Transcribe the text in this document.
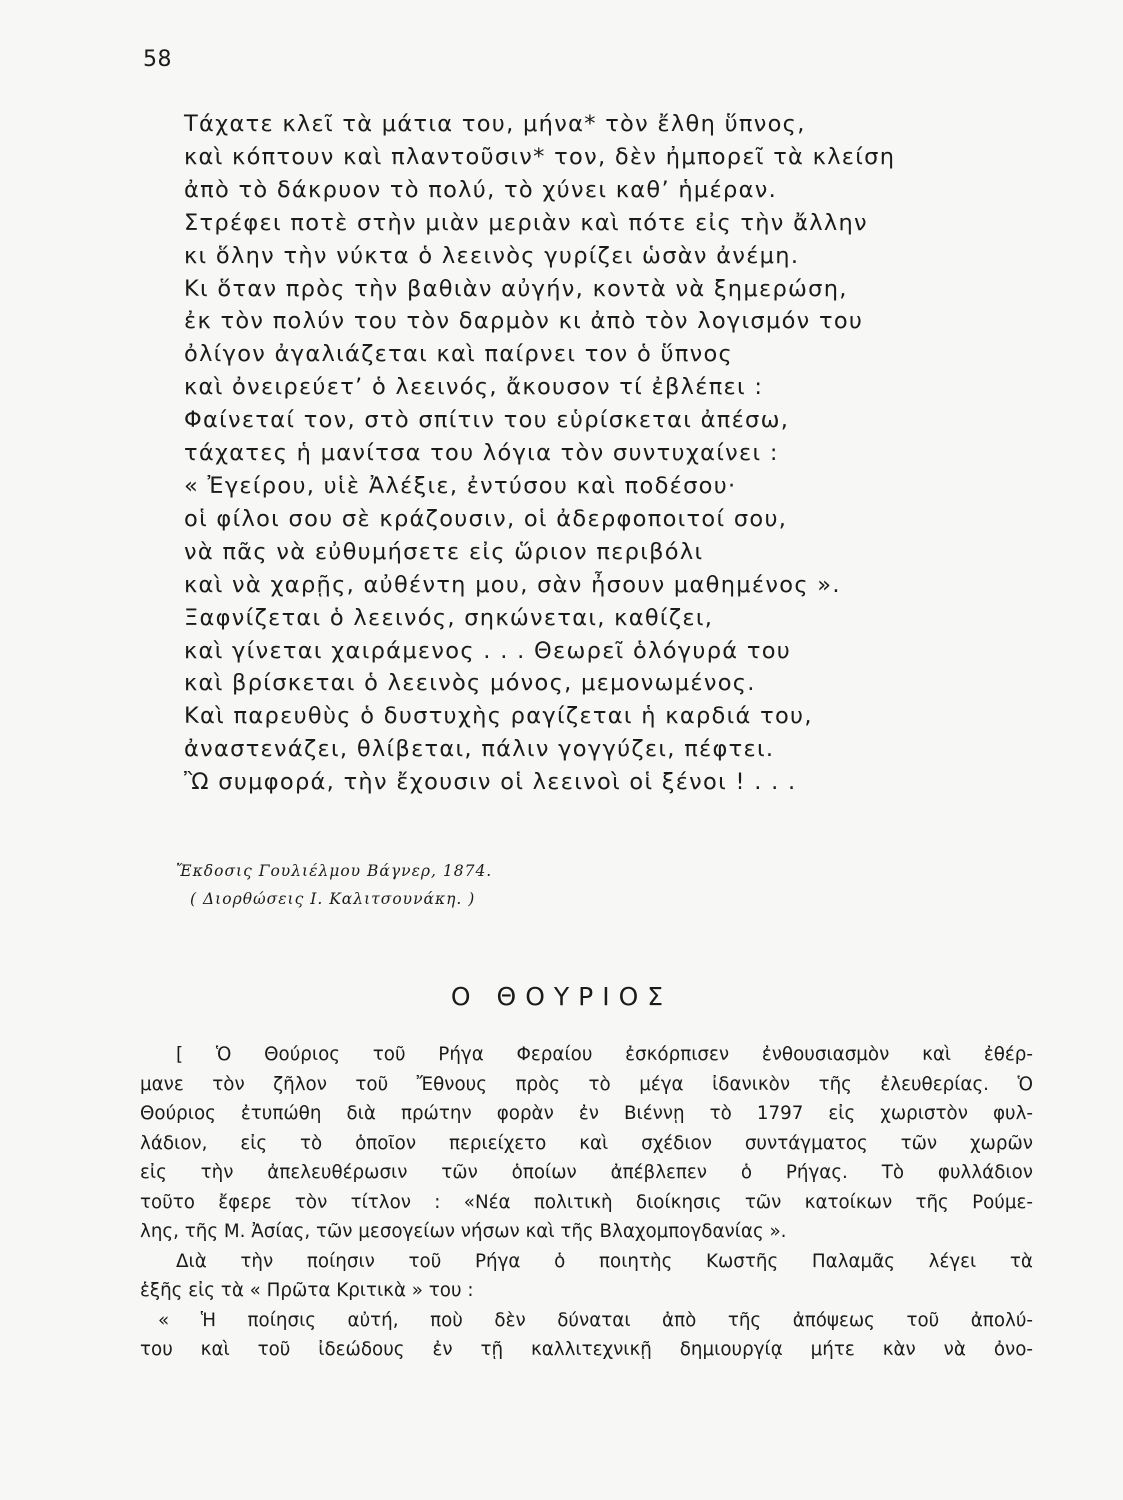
58
Τάχατε κλεῖ τὰ μάτια του, μήνα* τὸν ἔλθη ὕπνος,
καὶ κόπτουν καὶ πλαντοῦσιν* τον, δὲν ἠμπορεῖ τὰ κλείση
ἀπὸ τὸ δάκρυον τὸ πολύ, τὸ χύνει καθ’ ἡμέραν.
Στρέφει ποτὲ στὴν μιὰν μεριὰν καὶ πότε εἰς τὴν ἄλλην
κι ὅλην τὴν νύκτα ὁ λεεινὸς γυρίζει ὡσὰν ἀνέμη.
Κι ὅταν πρὸς τὴν βαθιὰν αὐγήν, κοντὰ νὰ ξημερώση,
ἐκ τὸν πολύν του τὸν δαρμὸν κι ἀπὸ τὸν λογισμόν του
ὀλίγον ἀγαλιάζεται καὶ παίρνει τον ὁ ὕπνος
καὶ ὀνειρεύετ’ ὁ λεεινός, ἄκουσον τί ἐβλέπει :
Φαίνεταί τον, στὸ σπίτιν του εὑρίσκεται ἀπέσω,
τάχατες ἡ μανίτσα του λόγια τὸν συντυχαίνει :
« Ἐγείρου, υἱὲ Ἀλέξιε, ἐντύσου καὶ ποδέσου·
οἱ φίλοι σου σὲ κράζουσιν, οἱ ἀδερφοποιτοί σου,
νὰ πᾶς νὰ εὐθυμήσετε εἰς ὥριον περιβόλι
καὶ νὰ χαρῇς, αὐθέντη μου, σὰν ἦσουν μαθημένος ».
Ξαφνίζεται ὁ λεεινός, σηκώνεται, καθίζει,
καὶ γίνεται χαιράμενος . . . Θεωρεῖ ὁλόγυρά του
καὶ βρίσκεται ὁ λεεινὸς μόνος, μεμονωμένος.
Καὶ παρευθὺς ὁ δυστυχὴς ραγίζεται ἡ καρδιά του,
ἀναστενάζει, θλίβεται, πάλιν γογγύζει, πέφτει.
Ὢ συμφορά, τὴν ἔχουσιν οἱ λεεινοὶ οἱ ξένοι ! . . .
Ἔκδοσις Γουλιέλμου Βάγνερ, 1874.
( Διορθώσεις Ι. Καλιτσουνάκη. )
Ο ΘΟΥΡΙΟΣ
[ Ὁ Θούριος τοῦ Ρήγα Φεραίου ἐσκόρπισεν ἐνθουσιασμὸν καὶ ἐθέρ-
μανε τὸν ζῆλον τοῦ Ἔθνους πρὸς τὸ μέγα ἰδανικὸν τῆς ἐλευθερίας. Ὁ
Θούριος ἐτυπώθη διὰ πρώτην φορὰν ἐν Βιέννῃ τὸ 1797 εἰς χωριστὸν φυλ-
λάδιον, εἰς τὸ ὁποῖον περιείχετο καὶ σχέδιον συντάγματος τῶν χωρῶν
εἰς τὴν ἀπελευθέρωσιν τῶν ὁποίων ἀπέβλεπεν ὁ Ρήγας. Τὸ φυλλάδιον
τοῦτο ἔφερε τὸν τίτλον : «Νέα πολιτικὴ διοίκησις τῶν κατοίκων τῆς Ρούμε-
λης, τῆς Μ. Ἀσίας, τῶν μεσογείων νήσων καὶ τῆς Βλαχομπογδανίας ».
Διὰ τὴν ποίησιν τοῦ Ρήγα ὁ ποιητὴς Κωστῆς Παλαμᾶς λέγει τὰ
ἑξῆς εἰς τὰ « Πρῶτα Κριτικὰ » του :
« Ἡ ποίησις αὐτή, ποὺ δὲν δύναται ἀπὸ τῆς ἀπόψεως τοῦ ἀπολύ-
του καὶ τοῦ ἰδεώδους ἐν τῇ καλλιτεχνικῇ δημιουργίᾳ μήτε κὰν νὰ ὀνο-
